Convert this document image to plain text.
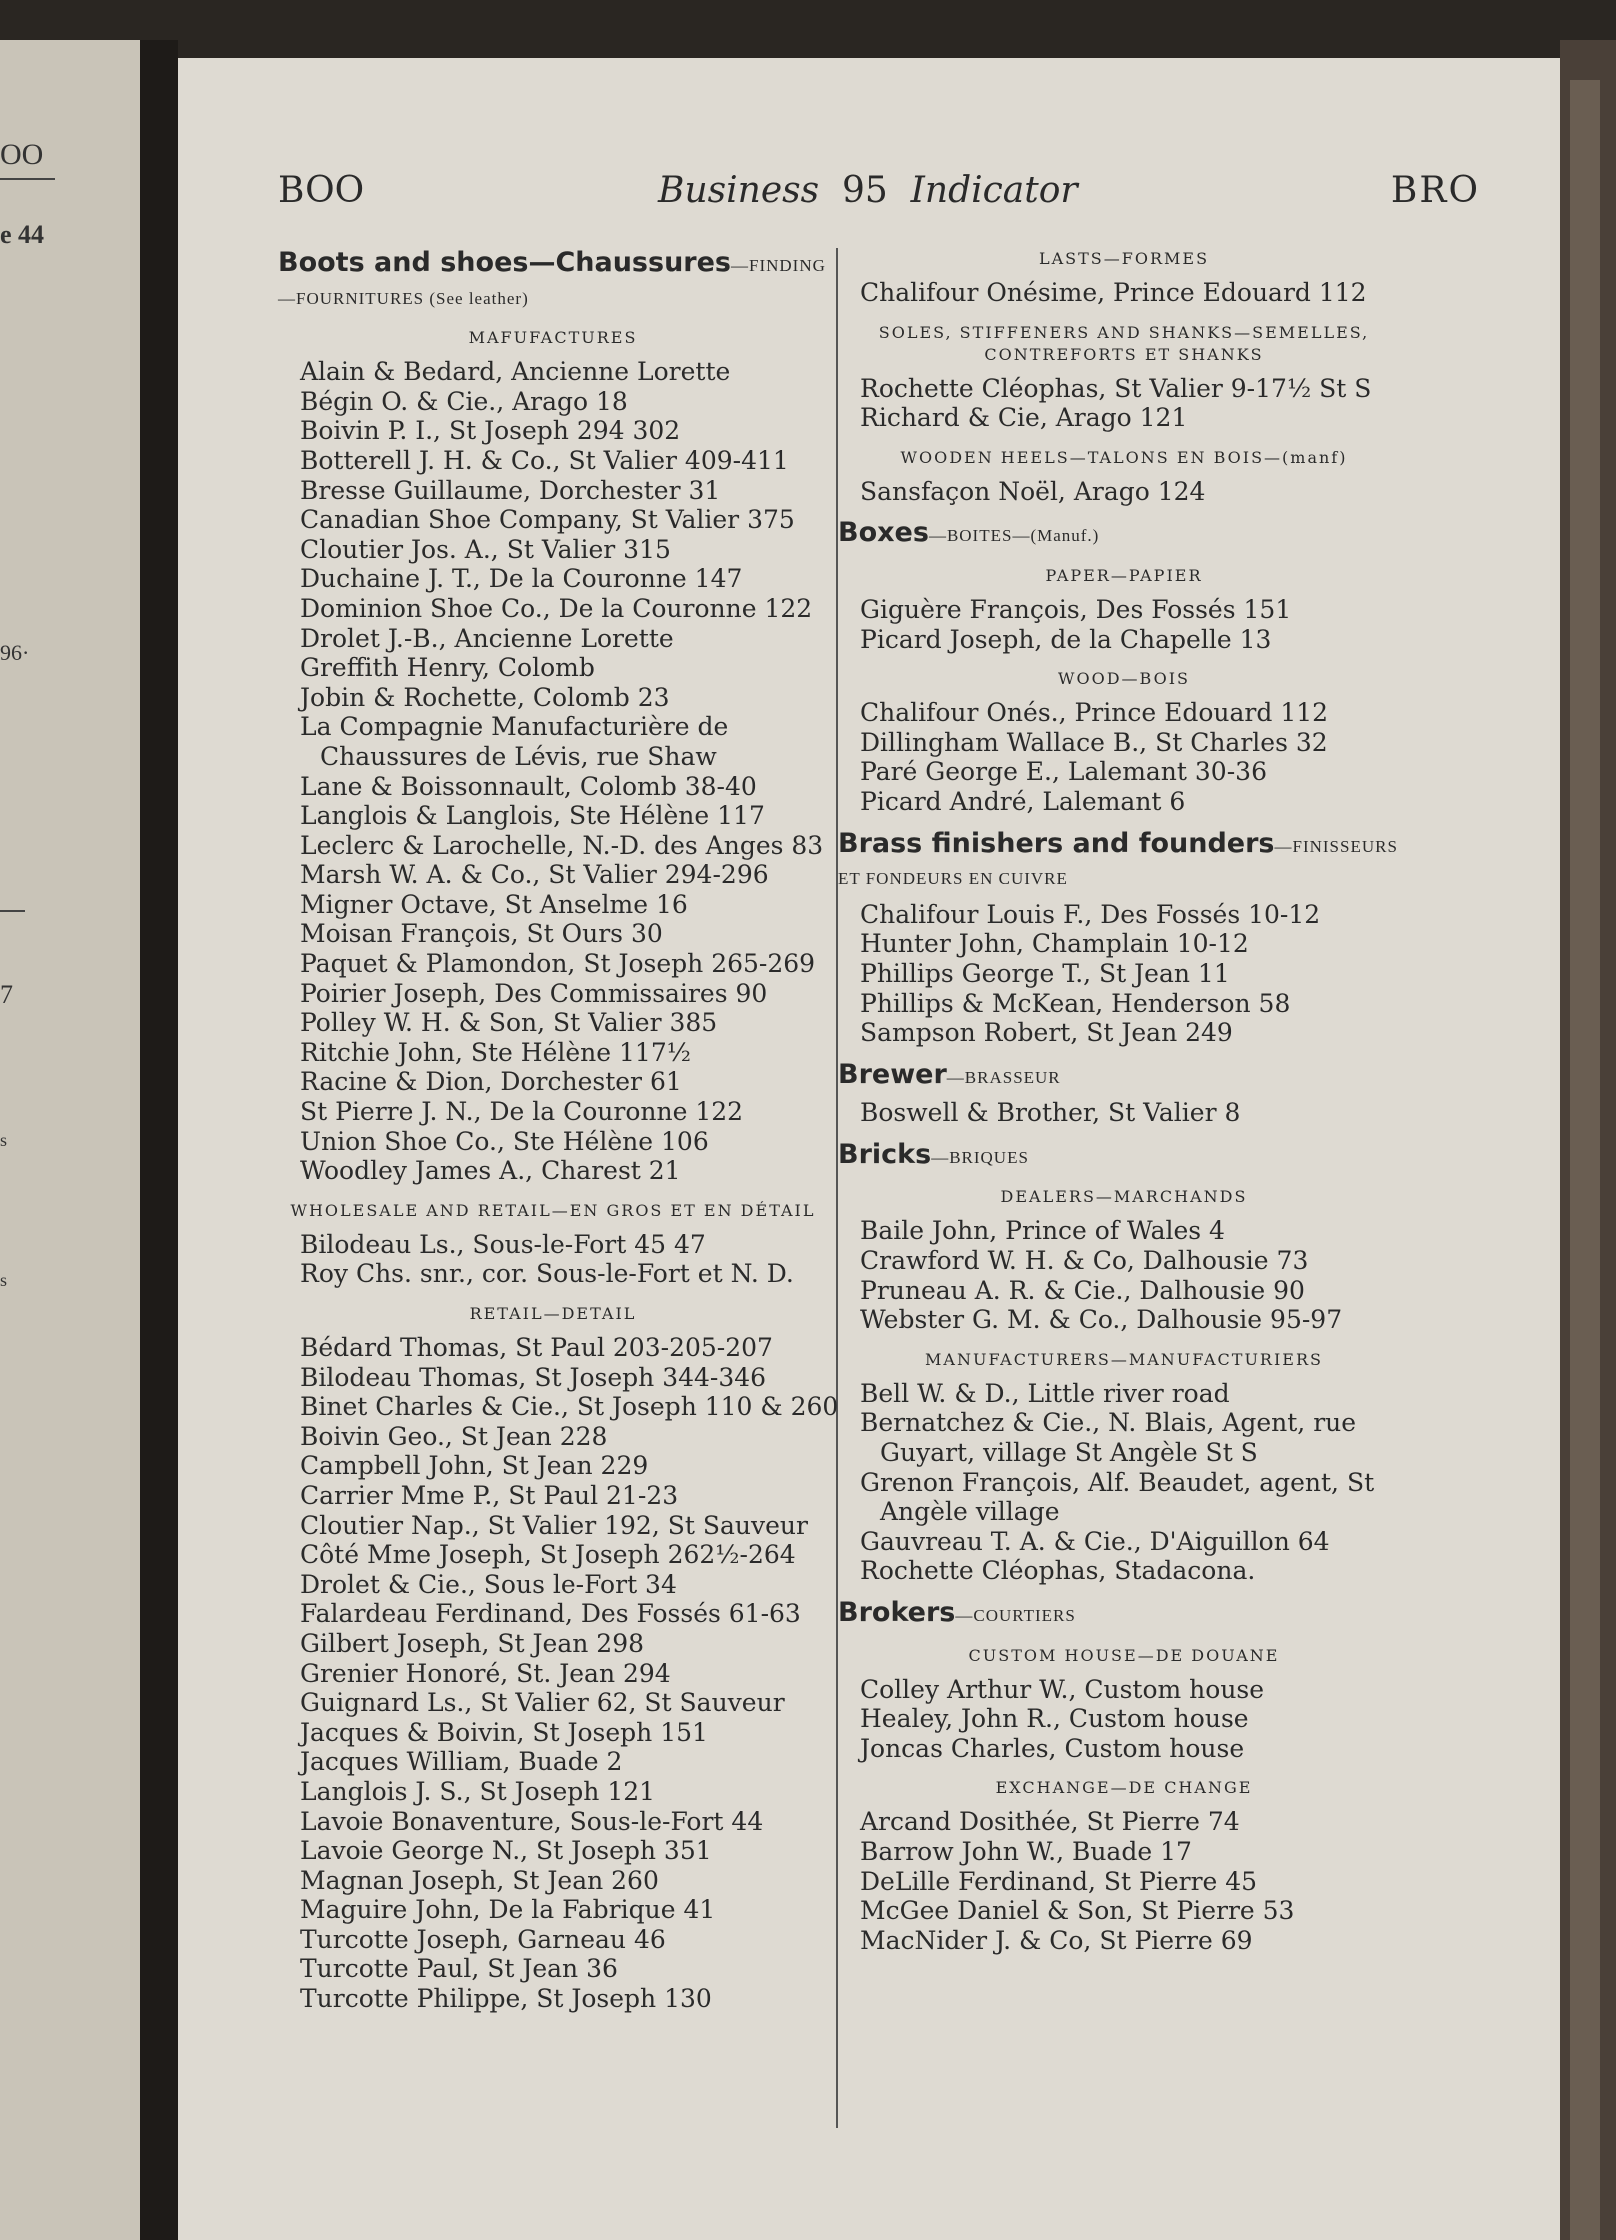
OO
e 44
96·
7
s
s
BOO	Business 95 Indicator	BRO
Boots and shoes—Chaussures—FINDING—FOURNITURES (See leather)
MAFUFACTURES
Alain & Bedard, Ancienne Lorette
Bégin O. & Cie., Arago 18
Boivin P. I., St Joseph 294 302
Botterell J. H. & Co., St Valier 409-411
Bresse Guillaume, Dorchester 31
Canadian Shoe Company, St Valier 375
Cloutier Jos. A., St Valier 315
Duchaine J. T., De la Couronne 147
Dominion Shoe Co., De la Couronne 122
Drolet J.-B., Ancienne Lorette
Greffith Henry, Colomb
Jobin & Rochette, Colomb 23
La Compagnie Manufacturière de Chaussures de Lévis, rue Shaw
Lane & Boissonnault, Colomb 38-40
Langlois & Langlois, Ste Hélène 117
Leclerc & Larochelle, N.-D. des Anges 83
Marsh W. A. & Co., St Valier 294-296
Migner Octave, St Anselme 16
Moisan François, St Ours 30
Paquet & Plamondon, St Joseph 265-269
Poirier Joseph, Des Commissaires 90
Polley W. H. & Son, St Valier 385
Ritchie John, Ste Hélène 117½
Racine & Dion, Dorchester 61
St Pierre J. N., De la Couronne 122
Union Shoe Co., Ste Hélène 106
Woodley James A., Charest 21
WHOLESALE AND RETAIL—EN GROS ET EN DÉTAIL
Bilodeau Ls., Sous-le-Fort 45 47
Roy Chs. snr., cor. Sous-le-Fort et N. D.
RETAIL—DETAIL
Bédard Thomas, St Paul 203-205-207
Bilodeau Thomas, St Joseph 344-346
Binet Charles & Cie., St Joseph 110 & 260
Boivin Geo., St Jean 228
Campbell John, St Jean 229
Carrier Mme P., St Paul 21-23
Cloutier Nap., St Valier 192, St Sauveur
Côté Mme Joseph, St Joseph 262½-264
Drolet & Cie., Sous le-Fort 34
Falardeau Ferdinand, Des Fossés 61-63
Gilbert Joseph, St Jean 298
Grenier Honoré, St. Jean 294
Guignard Ls., St Valier 62, St Sauveur
Jacques & Boivin, St Joseph 151
Jacques William, Buade 2
Langlois J. S., St Joseph 121
Lavoie Bonaventure, Sous-le-Fort 44
Lavoie George N., St Joseph 351
Magnan Joseph, St Jean 260
Maguire John, De la Fabrique 41
Turcotte Joseph, Garneau 46
Turcotte Paul, St Jean 36
Turcotte Philippe, St Joseph 130
LASTS—FORMES
Chalifour Onésime, Prince Edouard 112
SOLES, STIFFENERS AND SHANKS—SEMELLES, CONTREFORTS ET SHANKS
Rochette Cléophas, St Valier 9-17½ St S
Richard & Cie, Arago 121
WOODEN HEELS—TALONS EN BOIS—(manf)
Sansfaçon Noël, Arago 124
Boxes—BOITES—(Manuf.)
PAPER—PAPIER
Giguère François, Des Fossés 151
Picard Joseph, de la Chapelle 13
WOOD—BOIS
Chalifour Onés., Prince Edouard 112
Dillingham Wallace B., St Charles 32
Paré George E., Lalemant 30-36
Picard André, Lalemant 6
Brass finishers and founders—FINISSEURS ET FONDEURS EN CUIVRE
Chalifour Louis F., Des Fossés 10-12
Hunter John, Champlain 10-12
Phillips George T., St Jean 11
Phillips & McKean, Henderson 58
Sampson Robert, St Jean 249
Brewer—BRASSEUR
Boswell & Brother, St Valier 8
Bricks—BRIQUES
DEALERS—MARCHANDS
Baile John, Prince of Wales 4
Crawford W. H. & Co, Dalhousie 73
Pruneau A. R. & Cie., Dalhousie 90
Webster G. M. & Co., Dalhousie 95-97
MANUFACTURERS—MANUFACTURIERS
Bell W. & D., Little river road
Bernatchez & Cie., N. Blais, Agent, rue Guyart, village St Angèle St S
Grenon François, Alf. Beaudet, agent, St Angèle village
Gauvreau T. A. & Cie., D'Aiguillon 64
Rochette Cléophas, Stadacona.
Brokers—COURTIERS
CUSTOM HOUSE—DE DOUANE
Colley Arthur W., Custom house
Healey, John R., Custom house
Joncas Charles, Custom house
EXCHANGE—DE CHANGE
Arcand Dosithée, St Pierre 74
Barrow John W., Buade 17
DeLille Ferdinand, St Pierre 45
McGee Daniel & Son, St Pierre 53
MacNider J. & Co, St Pierre 69
